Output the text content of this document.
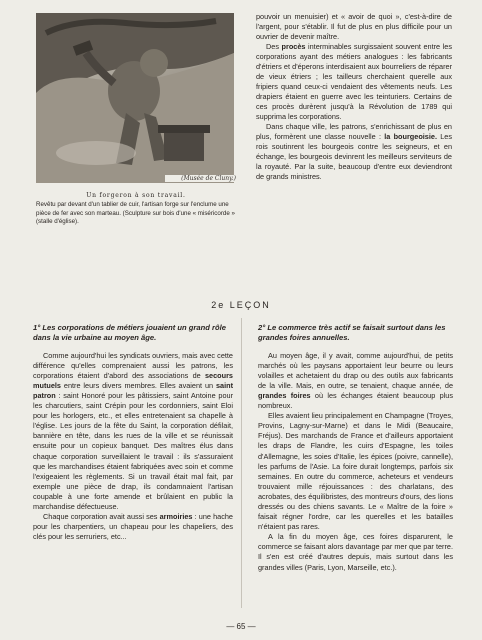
(Musée de Cluny.)
Un forgeron à son travail.
Revêtu par devant d'un tablier de cuir, l'artisan forge sur l'enclume une pièce de fer avec son marteau. (Sculpture sur bois d'une « miséricorde » (stalle d'église).

pouvoir un menuisier) et « avoir de quoi », c'est-à-dire de l'argent, pour s'établir. Il fut de plus en plus difficile pour un ouvrier de devenir maître.

Des procès interminables surgissaient souvent entre les corporations ayant des métiers analogues : les fabricants d'étriers et d'éperons interdisaient aux bourreliers de réparer de vieux étriers ; les tailleurs cherchaient querelle aux fripiers quand ceux-ci vendaient des vêtements neufs. Les drapiers étaient en guerre avec les teinturiers. Certains de ces procès durèrent jusqu'à la Révolution de 1789 qui supprima les corporations.

Dans chaque ville, les patrons, s'enrichissant de plus en plus, formèrent une classe nouvelle : la bourgeoisie. Les rois soutinrent les bourgeois contre les seigneurs, et en échange, les bourgeois devinrent les meilleurs serviteurs de la royauté. Par la suite, beaucoup d'entre eux deviendront de grands ministres.

2e LEÇON
1° Les corporations de métiers jouaient un grand rôle dans la vie urbaine au moyen âge.

Comme aujourd'hui les syndicats ouvriers, mais avec cette différence qu'elles comprenaient aussi les patrons, les corporations étaient d'abord des associations de secours mutuels entre leurs divers membres. Elles avaient un saint patron : saint Honoré pour les pâtissiers, saint Antoine pour les charcutiers, saint Crépin pour les cordonniers, saint Eloi pour les horlogers, etc., et elles entretenaient sa chapelle à l'église. Les jours de la fête du Saint, la corporation défilait, bannière en tête, dans les rues de la ville et se réunissait ensuite pour un copieux banquet. Des maîtres élus dans chaque corporation surveillaient le travail : ils s'assuraient que les marchandises étaient fabriquées avec soin et comme l'exigeaient les règlements. Si un travail était mal fait, par exemple une pièce de drap, ils condamnaient l'artisan coupable à une forte amende et brûlaient en public la marchandise défectueuse.

Chaque corporation avait aussi ses armoiries : une hache pour les charpentiers, un chapeau pour les chapeliers, des clés pour les serruriers, etc...

2° Le commerce très actif se faisait surtout dans les grandes foires annuelles.

Au moyen âge, il y avait, comme aujourd'hui, de petits marchés où les paysans apportaient leur beurre ou leurs volailles et achetaient du drap ou des outils aux fabricants de la ville. Mais, en outre, se tenaient, chaque année, de grandes foires où les échanges étaient beaucoup plus nombreux.

Elles avaient lieu principalement en Champagne (Troyes, Provins, Lagny-sur-Marne) et dans le Midi (Beaucaire, Fréjus). Des marchands de France et d'ailleurs apportaient les draps de Flandre, les cuirs d'Espagne, les toiles d'Allemagne, les soies d'Italie, les épices (poivre, cannelle), les parfums de l'Asie. La foire durait longtemps, parfois six semaines. En outre du commerce, acheteurs et vendeurs trouvaient mille réjouissances : des charlatans, des acrobates, des équilibristes, des montreurs d'ours, des lions dressés ou des chiens savants. Le « Maître de la foire » faisait régner l'ordre, car les querelles et les batailles n'étaient pas rares.

A la fin du moyen âge, ces foires disparurent, le commerce se faisant alors davantage par mer que par terre. Il s'en est créé d'autres depuis, mais surtout dans les grandes villes (Paris, Lyon, Marseille, etc.).

— 65 —
